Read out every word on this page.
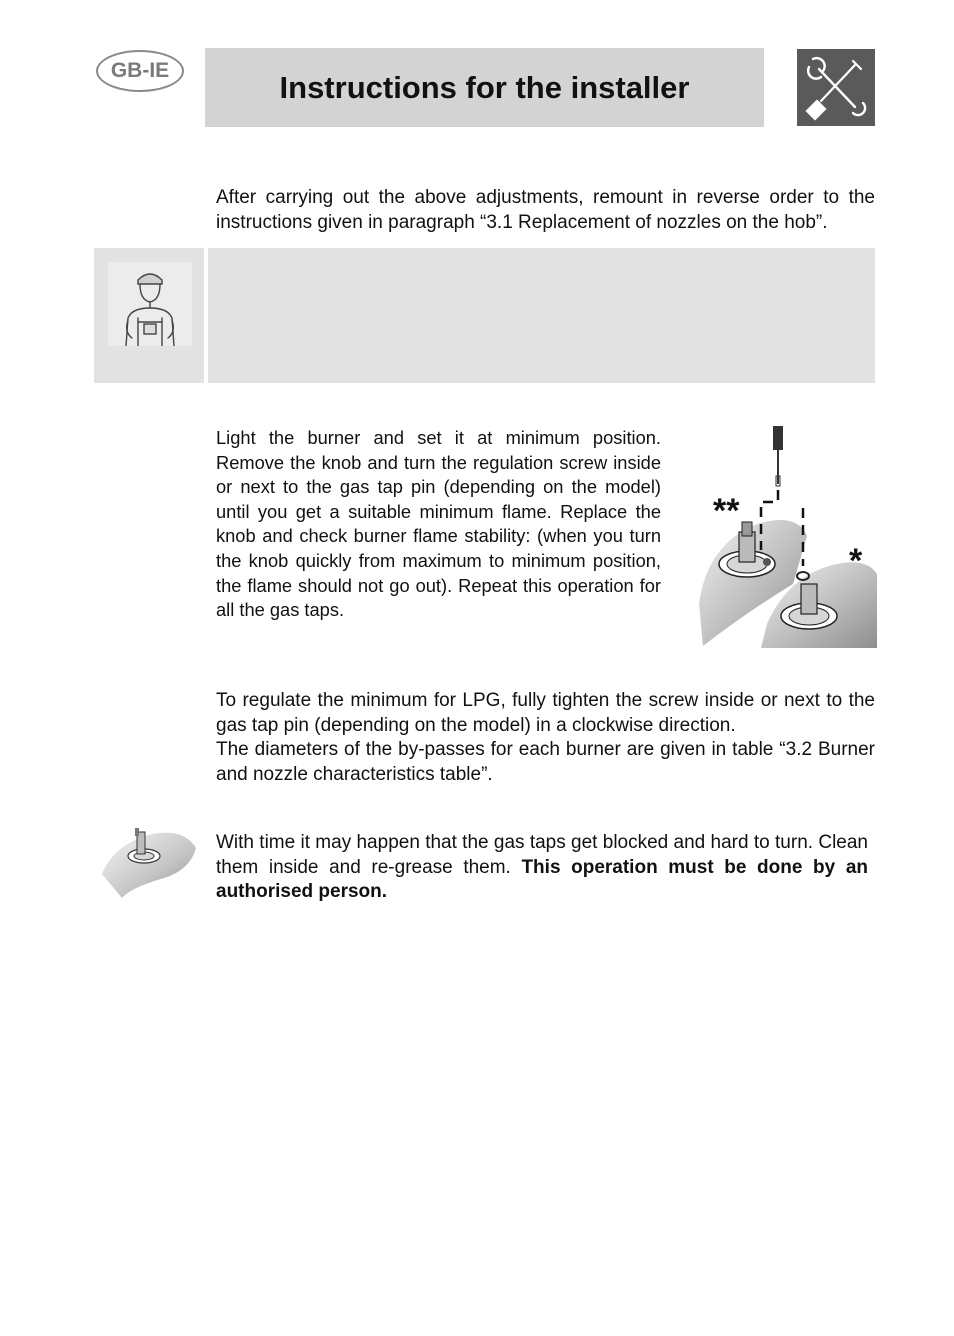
GB-IE	Instructions for the installer

After carrying out the above adjustments, remount in reverse order to the instructions given in paragraph “3.1 Replacement of nozzles on the hob”.

Light the burner and set it at minimum position. Remove the knob and turn the regulation screw inside or next to the gas tap pin (depending on the model) until you get a suitable minimum flame. Replace the knob and check burner flame stability: (when you turn the knob quickly from maximum to minimum position, the flame should not go out). Repeat this operation for all the gas taps.

**
*

To regulate the minimum for LPG, fully tighten the screw inside or next to the gas tap pin (depending on the model) in a clockwise direction.

The diameters of the by-passes for each burner are given in table “3.2 Burner and nozzle characteristics table”.

With time it may happen that the gas taps get blocked and hard to turn. Clean them inside and re-grease them. This operation must be done by an authorised person.
